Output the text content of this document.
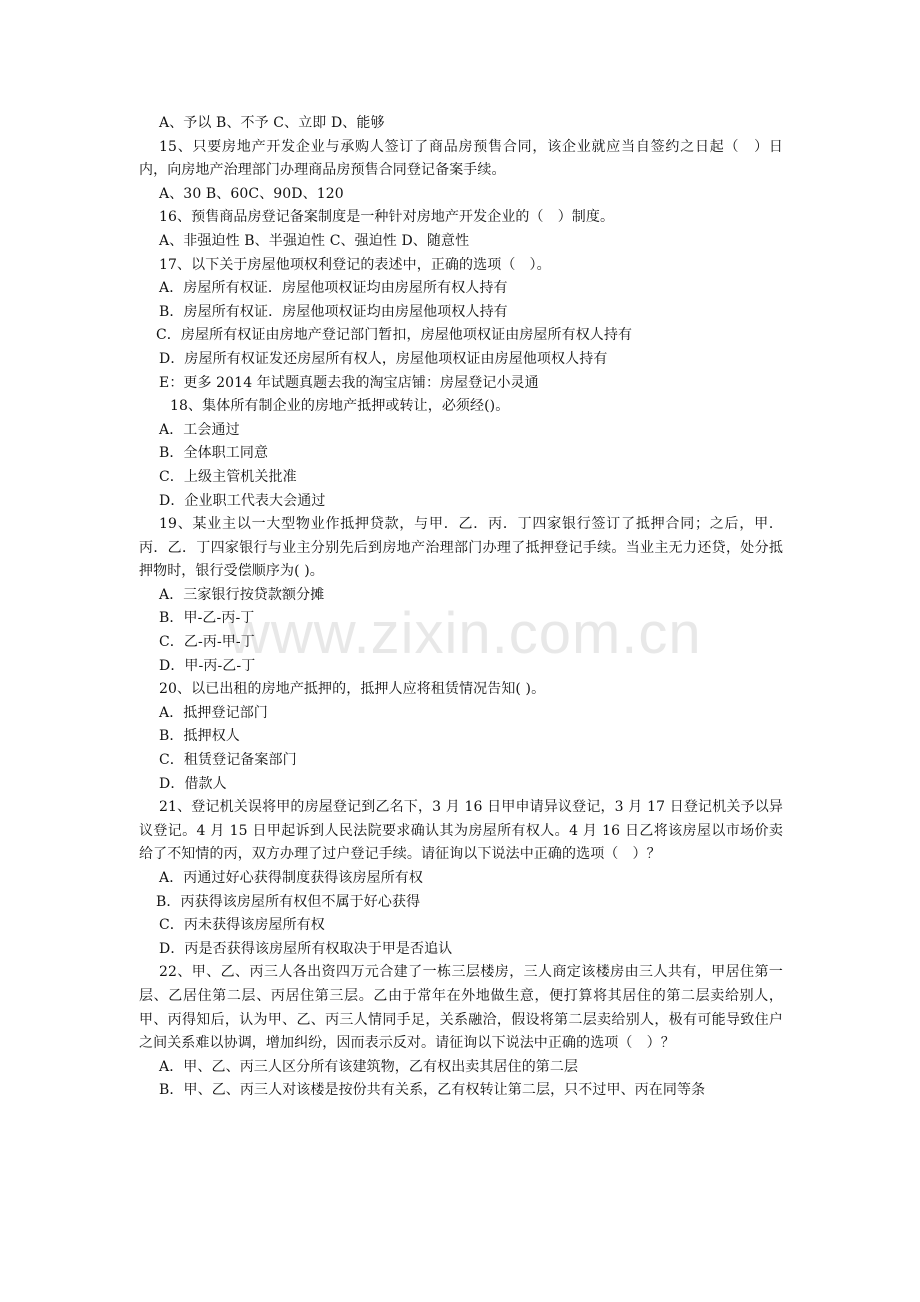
www.zixin.com.cn
A、予以 B、不予 C、立即 D、能够
15、只要房地产开发企业与承购人签订了商品房预售合同，该企业就应当自签约之日起（　）日内，向房地产治理部门办理商品房预售合同登记备案手续。
A、30 B、60C、90D、120
16、预售商品房登记备案制度是一种针对房地产开发企业的（　）制度。
A、非强迫性 B、半强迫性 C、强迫性 D、随意性
17、以下关于房屋他项权利登记的表述中，正确的选项（　）。
A．房屋所有权证．房屋他项权证均由房屋所有权人持有
B．房屋所有权证．房屋他项权证均由房屋他项权人持有
C．房屋所有权证由房地产登记部门暂扣，房屋他项权证由房屋所有权人持有
D．房屋所有权证发还房屋所有权人，房屋他项权证由房屋他项权人持有
E：更多 2014 年试题真题去我的淘宝店铺：房屋登记小灵通
18、集体所有制企业的房地产抵押或转让，必须经()。
A．工会通过
B．全体职工同意
C．上级主管机关批准
D．企业职工代表大会通过
19、某业主以一大型物业作抵押贷款，与甲．乙．丙．丁四家银行签订了抵押合同；之后，甲．丙．乙．丁四家银行与业主分别先后到房地产治理部门办理了抵押登记手续。当业主无力还贷，处分抵押物时，银行受偿顺序为( )。
A．三家银行按贷款额分摊
B．甲-乙-丙-丁
C．乙-丙-甲-丁
D．甲-丙-乙-丁
20、以已出租的房地产抵押的，抵押人应将租赁情况告知( )。
A．抵押登记部门
B．抵押权人
C．租赁登记备案部门
D．借款人
21、登记机关误将甲的房屋登记到乙名下，3 月 16 日甲申请异议登记，3 月 17 日登记机关予以异议登记。4 月 15 日甲起诉到人民法院要求确认其为房屋所有权人。4 月 16 日乙将该房屋以市场价卖给了不知情的丙，双方办理了过户登记手续。请征询以下说法中正确的选项（　）？
A．丙通过好心获得制度获得该房屋所有权
B．丙获得该房屋所有权但不属于好心获得
C．丙未获得该房屋所有权
D．丙是否获得该房屋所有权取决于甲是否追认
22、甲、乙、丙三人各出资四万元合建了一栋三层楼房，三人商定该楼房由三人共有，甲居住第一层、乙居住第二层、丙居住第三层。乙由于常年在外地做生意，便打算将其居住的第二层卖给别人，甲、丙得知后，认为甲、乙、丙三人情同手足，关系融洽，假设将第二层卖给别人，极有可能导致住户之间关系难以协调，增加纠纷，因而表示反对。请征询以下说法中正确的选项（　）？
A．甲、乙、丙三人区分所有该建筑物，乙有权出卖其居住的第二层
B．甲、乙、丙三人对该楼是按份共有关系，乙有权转让第二层，只不过甲、丙在同等条
